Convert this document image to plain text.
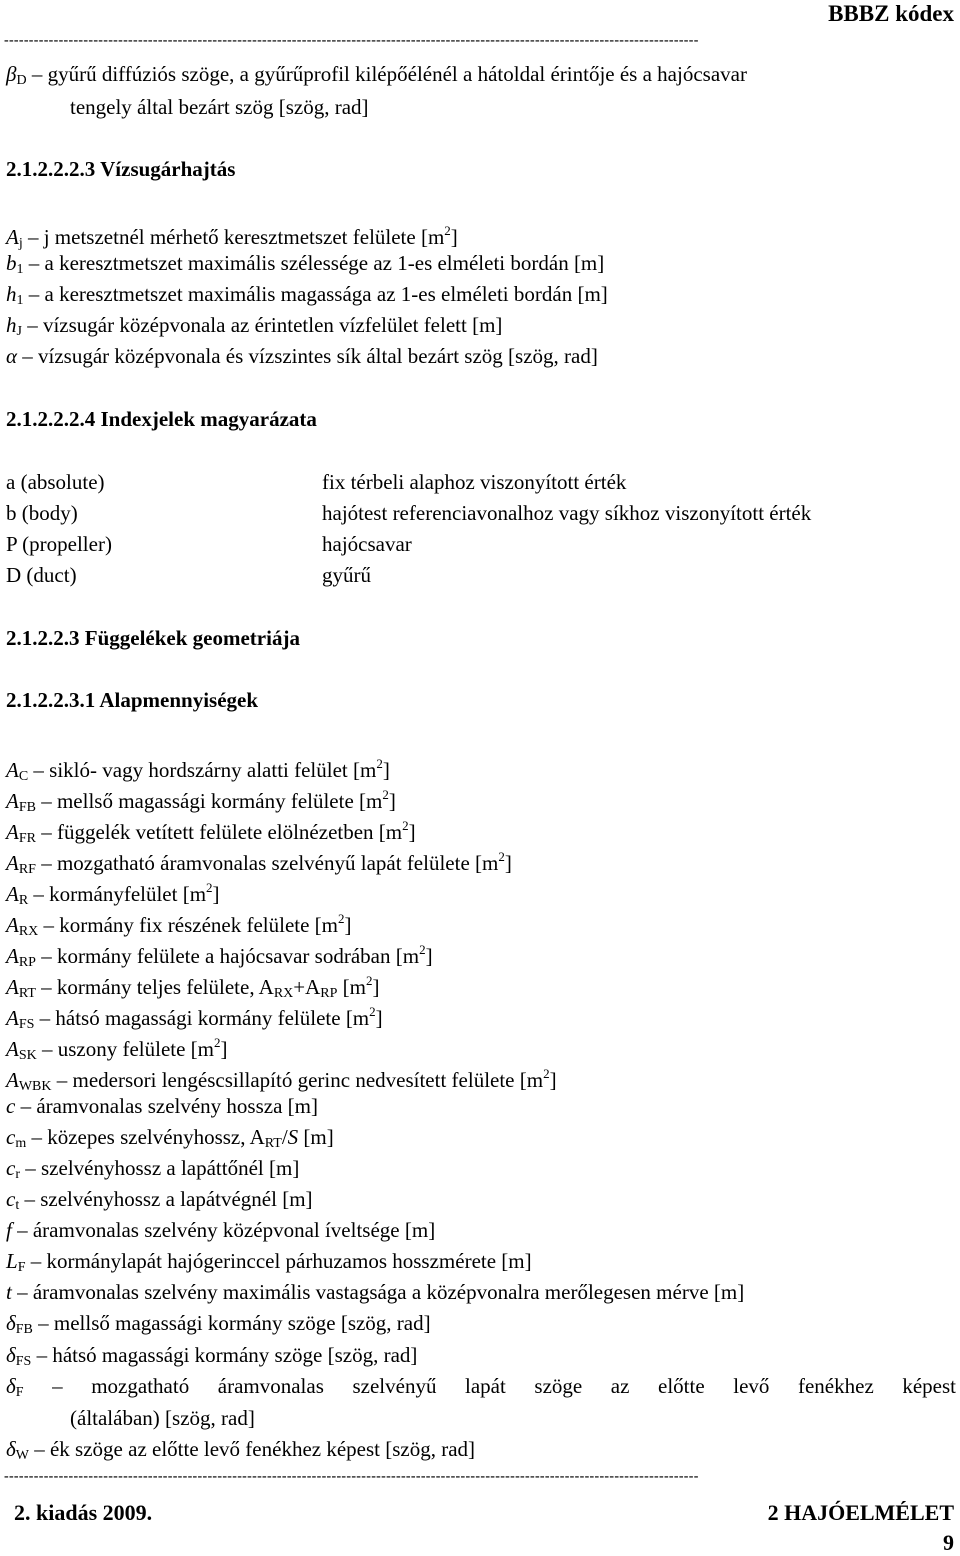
BBBZ kódex
--------------------------------------------------------------------------------------------------------------------------------------------
$\beta_D$ – gyűrű diffúziós szöge, a gyűrűprofil kilépőélénél a hátoldal érintője és a hajócsavar
tengely által bezárt szög [szög, rad]
2.1.2.2.2.3 Vízsugárhajtás
$A_j$ – j metszetnél mérhető keresztmetszet felülete $[m^2]$
$b_1$ – a keresztmetszet maximális szélessége az 1-es elméleti bordán [m]
$h_1$ – a keresztmetszet maximális magassága az 1-es elméleti bordán [m]
$h_J$ – vízsugár középvonala az érintetlen vízfelület felett [m]
α – vízsugár középvonala és vízszintes sík által bezárt szög [szög, rad]
2.1.2.2.2.4 Indexjelek magyarázata
a (absolute)	fix térbeli alaphoz viszonyított érték
b (body)	hajótest referenciavonalhoz vagy síkhoz viszonyított érték
P (propeller)	hajócsavar
D (duct)	gyűrű
2.1.2.2.3 Függelékek geometriája
2.1.2.2.3.1 Alapmennyiségek
$A_C$ – sikló- vagy hordszárny alatti felület $[m^2]$
$A_{FB}$ – mellső magassági kormány felülete $[m^2]$
$A_{FR}$ – függelék vetített felülete elölnézetben $[m^2]$
$A_{RF}$ – mozgatható áramvonalas szelvényű lapát felülete $[m^2]$
$A_R$ – kormányfelület $[m^2]$
$A_{RX}$ – kormány fix részének felülete $[m^2]$
$A_{RP}$ – kormány felülete a hajócsavar sodrában $[m^2]$
$A_{RT}$ – kormány teljes felülete, $A_{RX}+A_{RP}$ $[m^2]$
$A_{FS}$ – hátsó magassági kormány felülete $[m^2]$
$A_{SK}$ – uszony felülete $[m^2]$
$A_{WBK}$ – medersori lengéscsillapító gerinc nedvesített felülete $[m^2]$
c – áramvonalas szelvény hossza [m]
$c_m$ – közepes szelvényhossz, $A_{RT}/S$ [m]
$c_r$ – szelvényhossz a lapáttőnél [m]
$c_t$ – szelvényhossz a lapátvégnél [m]
f – áramvonalas szelvény középvonal íveltsége [m]
$L_F$ – kormánylapát hajógerinccel párhuzamos hosszmérete [m]
t – áramvonalas szelvény maximális vastagsága a középvonalra merőlegesen mérve [m]
$\delta_{FB}$ – mellső magassági kormány szöge [szög, rad]
$\delta_{FS}$ – hátsó magassági kormány szöge [szög, rad]
$\delta_F$ – mozgatható áramvonalas szelvényű lapát szöge az előtte levő fenékhez képest
(általában) [szög, rad]
$\delta_W$ – ék szöge az előtte levő fenékhez képest [szög, rad]
--------------------------------------------------------------------------------------------------------------------------------------------
2. kiadás 2009.	2 HAJÓELMÉLET
9
